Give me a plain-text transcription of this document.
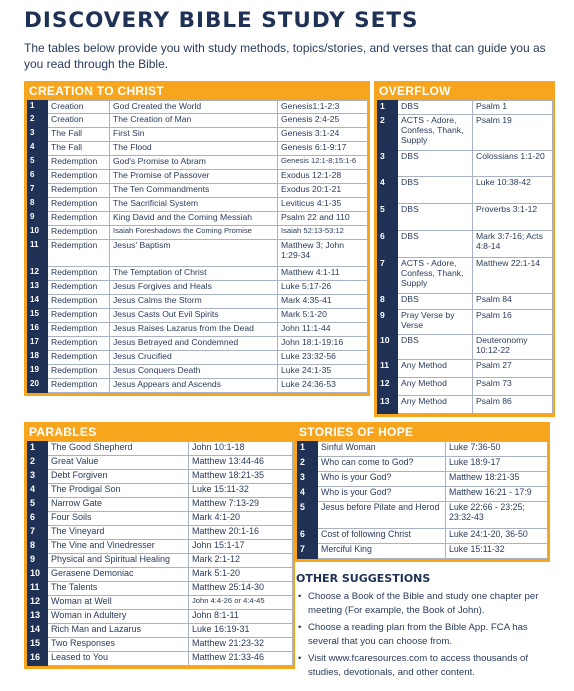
DISCOVERY BIBLE STUDY SETS

The tables below provide you with study methods, topics/stories, and verses that can guide you as you read through the Bible.

CREATION TO CHRIST
1	Creation	God Created the World	Genesis1:1-2:3
2	Creation	The Creation of Man	Genesis 2:4-25
3	The Fall	First Sin	Genesis 3:1-24
4	The Fall	The Flood	Genesis 6:1-9:17
5	Redemption	God's Promise to Abram	Genesis 12:1-8;15:1-6
6	Redemption	The Promise of Passover	Exodus 12:1-28
7	Redemption	The Ten Commandments	Exodus 20:1-21
8	Redemption	The Sacrificial System	Leviticus 4:1-35
9	Redemption	King David and the Coming Messiah	Psalm 22 and 110
10	Redemption	Isaiah Foreshadows the Coming Promise	Isaiah 52:13-53:12
11	Redemption	Jesus' Baptism	Matthew 3; John 1:29-34
12	Redemption	The Temptation of Christ	Matthew 4:1-11
13	Redemption	Jesus Forgives and Heals	Luke 5:17-26
14	Redemption	Jesus Calms the Storm	Mark 4:35-41
15	Redemption	Jesus Casts Out Evil Spirits	Mark 5:1-20
16	Redemption	Jesus Raises Lazarus from the Dead	John 11:1-44
17	Redemption	Jesus Betrayed and Condemned	John 18:1-19:16
18	Redemption	Jesus Crucified	Luke 23:32-56
19	Redemption	Jesus Conquers Death	Luke 24:1-35
20	Redemption	Jesus Appears and Ascends	Luke 24:36-53
OVERFLOW
1	DBS	Psalm 1
2	ACTS - Adore, Confess, Thank, Supply	Psalm 19
3	DBS	Colossians 1:1-20
4	DBS	Luke 10:38-42
5	DBS	Proverbs 3:1-12
6	DBS	Mark 3:7-16; Acts 4:8-14
7	ACTS - Adore, Confess, Thank, Supply	Matthew 22:1-14
8	DBS	Psalm 84
9	Pray Verse by Verse	Psalm 16
10	DBS	Deuteronomy 10:12-22
11	Any Method	Psalm 27
12	Any Method	Psalm 73
13	Any Method	Psalm 86
PARABLES
1	The Good Shepherd	John 10:1-18
2	Great Value	Matthew 13:44-46
3	Debt Forgiven	Matthew 18:21-35
4	The Prodigal Son	Luke 15:11-32
5	Narrow Gate	Matthew 7:13-29
6	Four Soils	Mark 4:1-20
7	The Vineyard	Matthew 20:1-16
8	The Vine and Vinedresser	John 15:1-17
9	Physical and Spiritual Healing	Mark 2:1-12
10	Gerasene Demoniac	Mark 5:1-20
11	The Talents	Matthew 25:14-30
12	Woman at Well	John 4:4-26 or 4:4-45
13	Woman in Adultery	John 8:1-11
14	Rich Man and Lazarus	Luke 16:19-31
15	Two Responses	Matthew 21:23-32
16	Leased to You	Matthew 21:33-46
STORIES OF HOPE
1	Sinful Woman	Luke 7:36-50
2	Who can come to God?	Luke 18:9-17
3	Who is your God?	Matthew 18:21-35
4	Who is your God?	Matthew 16:21 - 17:9
5	Jesus before Pilate and Herod	Luke 22:66 - 23:25; 23:32-43
6	Cost of following Christ	Luke 24:1-20, 36-50
7	Merciful King	Luke 15:11-32
OTHER SUGGESTIONS
• Choose a Book of the Bible and study one chapter per meeting (For example, the Book of John).
• Choose a reading plan from the Bible App. FCA has several that you can choose from.
• Visit www.fcaresources.com to access thousands of studies, devotionals, and other content.
